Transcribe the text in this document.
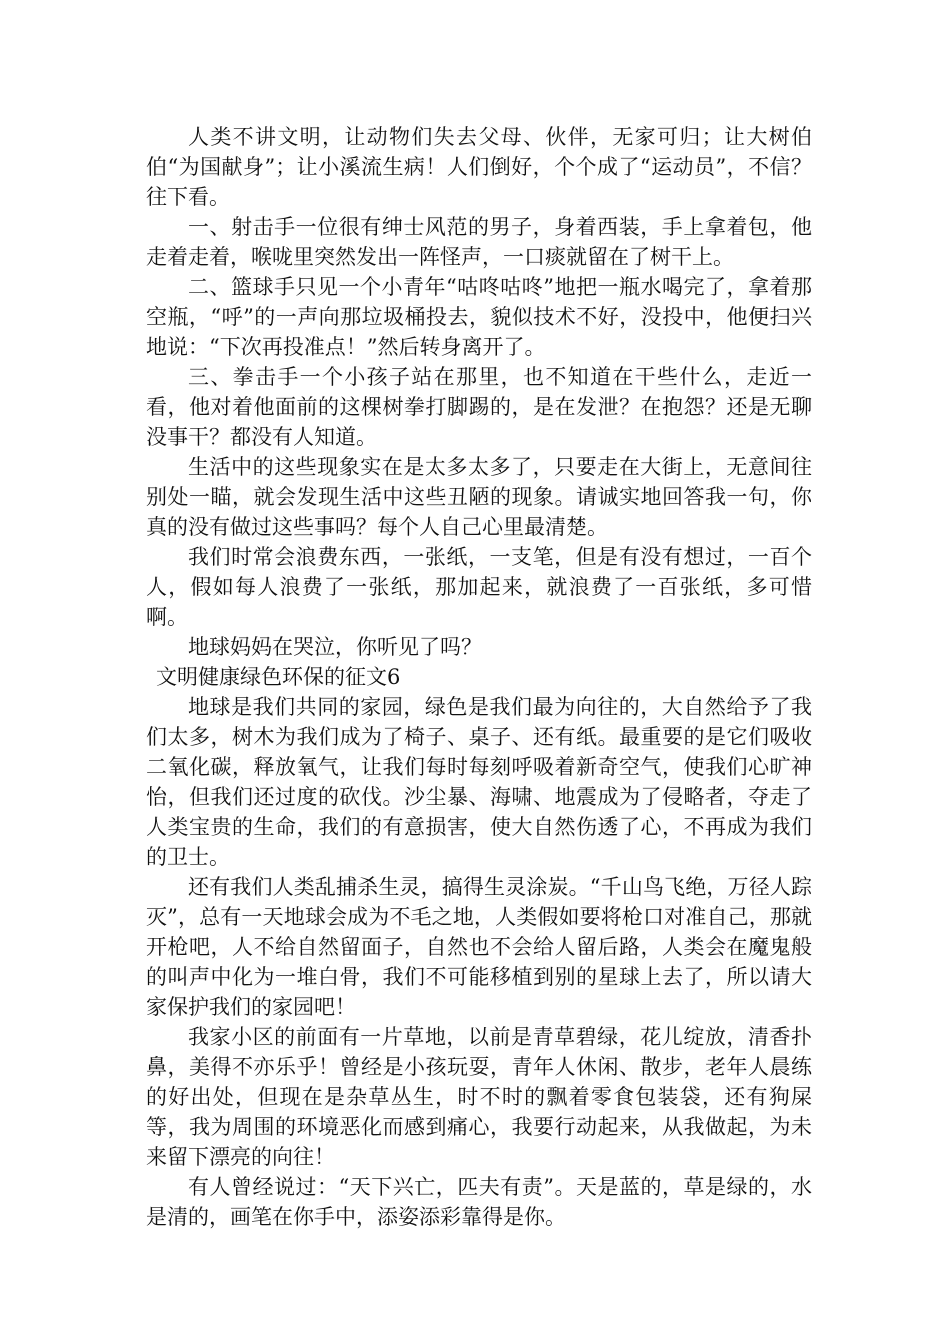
人类不讲文明，让动物们失去父母、伙伴，无家可归；让大树伯伯“为国献身”；让小溪流生病！人们倒好，个个成了“运动员”，不信？往下看。

一、射击手一位很有绅士风范的男子，身着西装，手上拿着包，他走着走着，喉咙里突然发出一阵怪声，一口痰就留在了树干上。

二、篮球手只见一个小青年“咕咚咕咚”地把一瓶水喝完了，拿着那空瓶，“呼”的一声向那垃圾桶投去，貌似技术不好，没投中，他便扫兴地说：“下次再投准点！”然后转身离开了。

三、拳击手一个小孩子站在那里，也不知道在干些什么，走近一看，他对着他面前的这棵树拳打脚踢的，是在发泄？在抱怨？还是无聊没事干？都没有人知道。

生活中的这些现象实在是太多太多了，只要走在大街上，无意间往别处一瞄，就会发现生活中这些丑陋的现象。请诚实地回答我一句，你真的没有做过这些事吗？每个人自己心里最清楚。

我们时常会浪费东西，一张纸，一支笔，但是有没有想过，一百个人，假如每人浪费了一张纸，那加起来，就浪费了一百张纸，多可惜啊。

地球妈妈在哭泣，你听见了吗？

文明健康绿色环保的征文6

地球是我们共同的家园，绿色是我们最为向往的，大自然给予了我们太多，树木为我们成为了椅子、桌子、还有纸。最重要的是它们吸收二氧化碳，释放氧气，让我们每时每刻呼吸着新奇空气，使我们心旷神怡，但我们还过度的砍伐。沙尘暴、海啸、地震成为了侵略者，夺走了人类宝贵的生命，我们的有意损害，使大自然伤透了心，不再成为我们的卫士。

还有我们人类乱捕杀生灵，搞得生灵涂炭。“千山鸟飞绝，万径人踪灭”，总有一天地球会成为不毛之地，人类假如要将枪口对准自己，那就开枪吧，人不给自然留面子，自然也不会给人留后路，人类会在魔鬼般的叫声中化为一堆白骨，我们不可能移植到别的星球上去了，所以请大家保护我们的家园吧！

我家小区的前面有一片草地，以前是青草碧绿，花儿绽放，清香扑鼻，美得不亦乐乎！曾经是小孩玩耍，青年人休闲、散步，老年人晨练的好出处，但现在是杂草丛生，时不时的飘着零食包装袋，还有狗屎等，我为周围的环境恶化而感到痛心，我要行动起来，从我做起，为未来留下漂亮的向往！

有人曾经说过：“天下兴亡，匹夫有责”。天是蓝的，草是绿的，水是清的，画笔在你手中，添姿添彩靠得是你。
